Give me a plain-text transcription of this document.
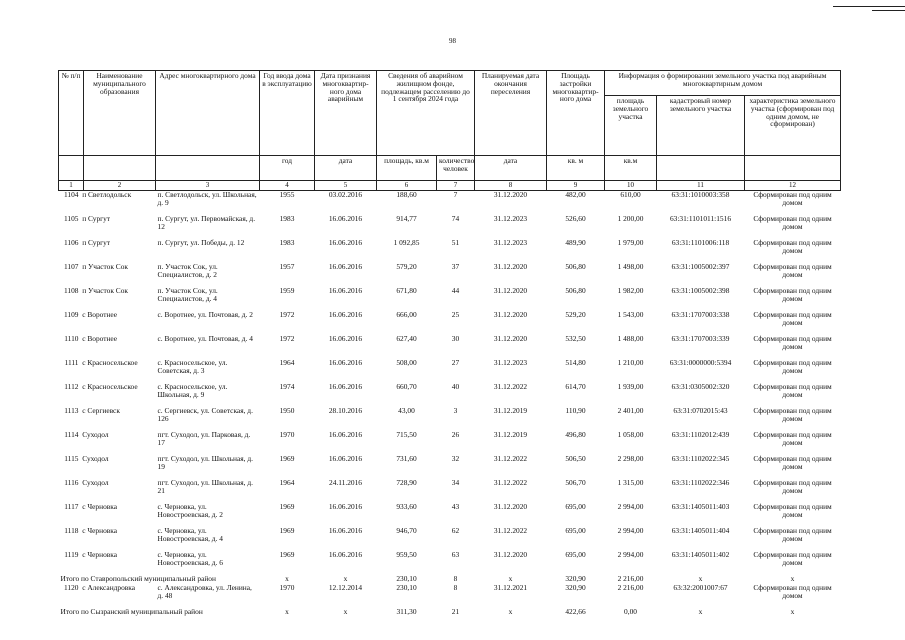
98
№ п/п	Наименование муниципального образования	Адрес многоквартирного дома	Год ввода дома в эксплуатацию	Дата признания многоквартир-ного дома аварийным	Сведения об аварийном жилищном фонде, подлежащем расселению до 1 сентября 2024 года		Планируемая дата окончания переселения	Площадь застройки многоквартир-ного дома	Информация о формировании земельного участка под аварийным многоквартирным домом		
									площадь земельного участка	кадастровый номер земельного участка	характеристика земельного участка (сформирован под одним домом, не сформирован)
			год	дата	площадь, кв.м	количество человек	дата	кв. м	кв.м		
1	2	3	4	5	6	7	8	9	10	11	12
1104 п Светлодольск		п. Светлодольск, ул. Школьная, д. 9	1955	03.02.2016	188,60	7	31.12.2020	482,00	610,00	63:31:1010003:358	Сформирован под одним домом
1105 п Сургут		п. Сургут, ул. Первомайская, д. 12	1983	16.06.2016	914,77	74	31.12.2023	526,60	1 200,00	63:31:1101011:1516	Сформирован под одним домом
1106 п Сургут		п. Сургут, ул. Победы, д. 12	1983	16.06.2016	1 092,85	51	31.12.2023	489,90	1 979,00	63:31:1101006:118	Сформирован под одним домом
1107 п Участок Сок		п. Участок Сок, ул. Специалистов, д. 2	1957	16.06.2016	579,20	37	31.12.2020	506,80	1 498,00	63:31:1005002:397	Сформирован под одним домом
1108 п Участок Сок		п. Участок Сок, ул. Специалистов, д. 4	1959	16.06.2016	671,80	44	31.12.2020	506,80	1 982,00	63:31:1005002:398	Сформирован под одним домом
1109 с Воротнее		с. Воротнее, ул. Почтовая, д. 2	1972	16.06.2016	666,00	25	31.12.2020	529,20	1 543,00	63:31:1707003:338	Сформирован под одним домом
1110 с Воротнее		с. Воротнее, ул. Почтовая, д. 4	1972	16.06.2016	627,40	30	31.12.2020	532,50	1 488,00	63:31:1707003:339	Сформирован под одним домом
1111 с Красносельское		с. Красносельское, ул. Советская, д. 3	1964	16.06.2016	508,00	27	31.12.2023	514,80	1 210,00	63:31:0000000:5394	Сформирован под одним домом
1112 с Красносельское		с. Красносельское, ул. Школьная, д. 9	1974	16.06.2016	660,70	40	31.12.2022	614,70	1 939,00	63:31:0305002:320	Сформирован под одним домом
1113 с Сергиевск		с. Сергиевск, ул. Советская, д. 126	1950	28.10.2016	43,00	3	31.12.2019	110,90	2 401,00	63:31:0702015:43	Сформирован под одним домом
1114 Суходол		пгт. Суходол, ул. Парковая, д. 17	1970	16.06.2016	715,50	26	31.12.2019	496,80	1 058,00	63:31:1102012:439	Сформирован под одним домом
1115 Суходол		пгт. Суходол, ул. Школьная, д. 19	1969	16.06.2016	731,60	32	31.12.2022	506,50	2 298,00	63:31:1102022:345	Сформирован под одним домом
1116 Суходол		пгт. Суходол, ул. Школьная, д. 21	1964	24.11.2016	728,90	34	31.12.2022	506,70	1 315,00	63:31:1102022:346	Сформирован под одним домом
1117 с Черновка		с. Черновка, ул. Новостроевская, д. 2	1969	16.06.2016	933,60	43	31.12.2020	695,00	2 994,00	63:31:1405011:403	Сформирован под одним домом
1118 с Черновка		с. Черновка, ул. Новостроевская, д. 4	1969	16.06.2016	946,70	62	31.12.2022	695,00	2 994,00	63:31:1405011:404	Сформирован под одним домом
1119 с Черновка		с. Черновка, ул. Новостроевская, д. 6	1969	16.06.2016	959,50	63	31.12.2020	695,00	2 994,00	63:31:1405011:402	Сформирован под одним домом
Итого по Ставропольский муниципальный район			x	x	230,10	8	x	320,90	2 216,00	x	x
1120 с Александровка		с. Александровка, ул. Ленина, д. 48	1970	12.12.2014	230,10	8	31.12.2021	320,90	2 216,00	63:32:2001007:67	Сформирован под одним домом
Итого по Сызранский муниципальный район			x	x	311,30	21	x	422,66	0,00	x	x
